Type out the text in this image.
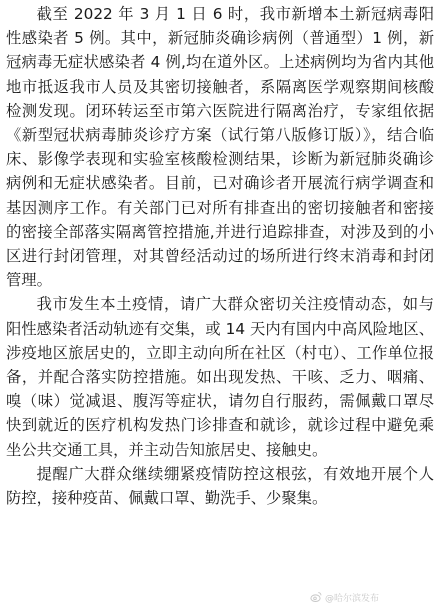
截至 2022 年 3 月 1 日 6 时，我市新增本土新冠病毒阳性感染者 5 例。其中，新冠肺炎确诊病例（普通型）1 例，新冠病毒无症状感染者 4 例,均在道外区。上述病例均为省内其他地市抵返我市人员及其密切接触者，系隔离医学观察期间核酸检测发现。闭环转运至市第六医院进行隔离治疗，专家组依据《新型冠状病毒肺炎诊疗方案（试行第八版修订版）》，结合临床、影像学表现和实验室核酸检测结果，诊断为新冠肺炎确诊病例和无症状感染者。目前，已对确诊者开展流行病学调查和基因测序工作。有关部门已对所有排查出的密切接触者和密接的密接全部落实隔离管控措施,并进行追踪排查，对涉及到的小区进行封闭管理，对其曾经活动过的场所进行终末消毒和封闭管理。

我市发生本土疫情，请广大群众密切关注疫情动态，如与阳性感染者活动轨迹有交集，或 14 天内有国内中高风险地区、涉疫地区旅居史的，立即主动向所在社区（村屯）、工作单位报备，并配合落实防控措施。如出现发热、干咳、乏力、咽痛、嗅（味）觉减退、腹泻等症状，请勿自行服药，需佩戴口罩尽快到就近的医疗机构发热门诊排查和就诊，就诊过程中避免乘坐公共交通工具，并主动告知旅居史、接触史。

提醒广大群众继续绷紧疫情防控这根弦，有效地开展个人防控，接种疫苗、佩戴口罩、勤洗手、少聚集。

@哈尔滨发布
